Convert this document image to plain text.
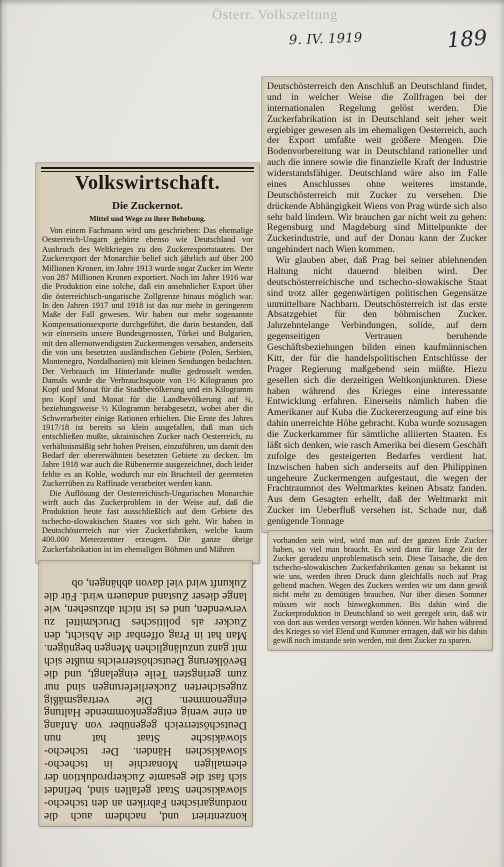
Österr. Volkszeitung
9. IV. 1919	189

Deutschösterreich den Anschluß an Deutschland findet, und in welcher Weise die Zollfragen bei der internationalen Regelung gelöst werden. Die Zuckerfabrikation ist in Deutschland seit jeher weit ergiebiger gewesen als im ehemaligen Oesterreich, auch der Export umfaßte weit größere Mengen. Die Bodenvorbereitung war in Deutschland rationeller und auch die innere sowie die finanzielle Kraft der Industrie widerstandsfähiger. Deutschland wäre also im Falle eines Anschlusses ohne weiteres imstande, Deutschösterreich mit Zucker zu versehen. Die drückende Abhängigkeit Wiens von Prag würde sich also sehr bald lindern. Wir brauchen gar nicht weit zu gehen: Regensburg und Magdeburg sind Mittelpunkte der Zuckerindustrie, und auf der Donau kann der Zucker ungehindert nach Wien kommen.

Wir glauben aber, daß Prag bei seiner ablehnenden Haltung nicht dauernd bleiben wird. Der deutschösterreichische und tschecho-slowakische Staat sind trotz aller gegenwärtigen politischen Gegensätze unmittelbare Nachbarn. Deutschösterreich ist das erste Absatzgebiet für den böhmischen Zucker. Jahrzehntelange Verbindungen, solide, auf dem gegenseitigen Vertrauen beruhende Geschäftsbeziehungen bilden einen kaufmännischen Kitt, der für die handelspolitischen Entschlüsse der Prager Regierung maßgebend sein müßte. Hiezu gesellen sich die derzeitigen Weltkonjunkturen. Diese haben während des Krieges eine interessante Entwicklung erfahren. Einerseits nämlich haben die Amerikaner auf Kuba die Zuckererzeugung auf eine bis dahin unerreichte Höhe gebracht. Kuba wurde sozusagen die Zuckerkammer für sämtliche alliierten Staaten. Es läßt sich denken, wie rasch Amerika bei diesem Geschäft zufolge des gesteigerten Bedarfes verdient hat. Inzwischen haben sich anderseits auf den Philippinen ungeheure Zuckermengen aufgestaut, die wegen der Frachtraumnot des Weltmarktes keinen Absatz fanden. Aus dem Gesagten erhellt, daß der Weltmarkt mit Zucker im Ueberfluß versehen ist. Schade nur, daß genügende Tonnage

Volkswirtschaft.
Die Zuckernot.
Mittel und Wege zu ihrer Behebung.

Von einem Fachmann wird uns geschrieben: Das ehemalige Oesterreich-Ungarn gehörte ebenso wie Deutschland vor Ausbruch des Weltkrieges zu den Zuckerexportstaaten. Der Zuckerexport der Monarchie belief sich jährlich auf über 200 Millionen Kronen, im Jahre 1913 wurde sogar Zucker im Werte von 287 Millionen Kronen exportiert. Noch im Jahre 1916 war die Produktion eine solche, daß ein ansehnlicher Export über die österreichisch-ungarische Zollgrenze hinaus möglich war. In den Jahren 1917 und 1918 ist das nur mehr in geringerem Maße der Fall gewesen. Wir haben nur mehr sogenannte Kompensationsexporte durchgeführt, die darin bestanden, daß wir einerseits unsere Bundesgenossen, Türkei und Bulgarien, mit den allernotwendigsten Zuckermengen versahen, anderseits die von uns besetzten ausländischen Gebiete (Polen, Serbien, Montenegro, Nordalbanien) mit kleinen Sendungen bedachten. Der Verbrauch im Hinterlande mußte gedrosselt werden. Damals wurde die Verbrauchsquote von 1½ Kilogramm pro Kopf und Monat für die Stadtbevölkerung und ein Kilogramm pro Kopf und Monat für die Landbevölkerung auf ¾, beziehungsweise ½ Kilogramm herabgesetzt, wobei aber die Schwerarbeiter einige Rationen erhielten. Die Ernte des Jahres 1917/18 ist bereits so klein ausgefallen, daß man sich entschließen mußte, ukrainischen Zucker nach Oesterreich, zu verhältnismäßig sehr hohen Preisen, einzuführen, um damit den Bedarf der obererwähnten besetzten Gebiete zu decken. Im Jahre 1918 war auch die Rübenernte ausgezeichnet, doch leider fehlte es an Kohle, wodurch nur ein Bruchteil der geernteten Zuckerrüben zu Raffinade verarbeitet werden kann.

Die Auflösung der Oesterreichisch-Ungarischen Monarchie wirft auch das Zuckerproblem in der Weise auf, daß die Produktion heute fast ausschließlich auf dem Gebiete des tschecho-slowakischen Staates vor sich geht. Wir haben in Deutschösterreich nur vier Zuckerfabriken, welche kaum 400.000 Meterzentner erzeugen. Die ganze übrige Zuckerfabrikation ist im ehemaligen Böhmen und Mähren

konzentriert und, nachdem auch die nordungarischen Fabriken an den tschecho-slowakischen Staat gefallen sind, befindet sich fast die gesamte Zuckerproduktion der ehemaligen Monarchie in tschecho-slowakischen Händen. Der tschecho-slowakische Staat hat nun Deutschösterreich gegenüber von Anfang an eine wenig entgegenkommende Haltung eingenommen. Die vertragsmäßig zugesicherten Zuckerlieferungen sind nur zum geringsten Teile eingelangt, und die Bevölkerung Deutschösterreichs mußte sich mit ganz unzulänglichen Mengen begnügen. Man hat in Prag offenbar die Absicht, den Zucker als politisches Druckmittel zu verwenden, und es ist nicht abzusehen, wie lange dieser Zustand andauern wird. Für die Zukunft wird viel davon abhängen, ob

vorhanden sein wird, wird man auf der ganzen Erde Zucker haben, so viel man braucht. Es wird dann für lange Zeit der Zucker geradezu unproblematisch sein. Diese Tatsache, die den tschecho-slowakischen Zuckerfabrikanten genau so bekannt ist wie uns, werden ihren Druck dann gleichfalls noch auf Prag geltend machen. Wegen des Zuckers werden wir uns dann gewiß nicht mehr zu demütigen brauchen. Nur über diesen Sommer müssen wir noch hinwegkommen. Bis dahin wird die Zuckerproduktion in Deutschland so weit geregelt sein, daß wir von dort aus werden versorgt werden können. Wir haben während des Krieges so viel Elend und Kummer ertragen, daß wir bis dahin gewiß noch imstande sein werden, mit dem Zucker zu sparen.
